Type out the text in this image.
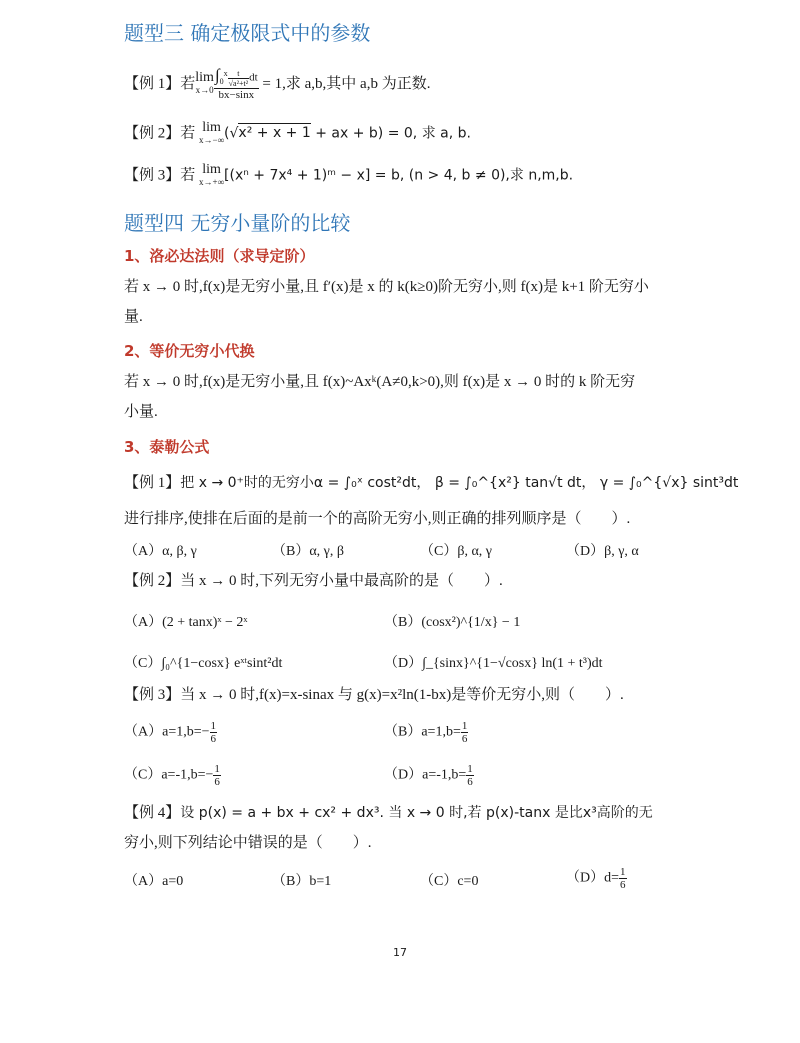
题型三 确定极限式中的参数
【例 1】若 lim
$x\to 0 \frac{\int_0^x \frac{t}{\text{√a²+t²}} dt}{bx-\sin x} = 1$,求 a,b,其中 a,b 为正数.
【例 2】若 lim
x→−∞ (√x² + x + 1 + ax + b) = 0, 求 a, b.
【例 3】若 lim
x→+∞ [(xⁿ + 7x⁴ + 1)ᵐ − x] = b, (n > 4, b ≠ 0),求 n,m,b.
题型四 无穷小量阶的比较
1、洛必达法则（求导定阶）
若 x → 0 时,f(x)是无穷小量,且 f′(x)是 x 的 k(k≥0)阶无穷小,则 f(x)是 k+1 阶无穷小
量.
2、等价无穷小代换
若 x → 0 时,f(x)是无穷小量,且 f(x)~Axᵏ(A≠0,k>0),则 f(x)是 x → 0 时的 k 阶无穷
小量.
3、泰勒公式
【例 1】把 x → 0⁺时的无穷小α = ∫₀ˣ cost²dt， β = ∫₀^{x²} tan√t dt， γ = ∫₀^{√x} sint³dt
进行排序,使排在后面的是前一个的高阶无穷小,则正确的排列顺序是（　　）.
（A）α, β, γ	（B）α, γ, β	（C）β, α, γ	（D）β, γ, α
【例 2】当 x → 0 时,下列无穷小量中最高阶的是（　　）.
（A）(2 + tanx)ˣ − 2ˣ	（B）(cosx²)^{1/x} − 1
（C）∫₀^{1−cosx} eˣᵗsint²dt	（D）∫_{sinx}^{1−√cosx} ln(1 + t³)dt
【例 3】当 x → 0 时,f(x)=x-sinax 与 g(x)=x²ln(1-bx)是等价无穷小,则（　　）.
$(A)a=1,b=- \frac{1}{6}$	$(B)a=1,b= \frac{1}{6}$
$(C)a=-1,b=- \frac{1}{6}$	$(D)a=-1,b= \frac{1}{6}$
【例 4】设 p(x) = a + bx + cx² + dx³. 当 x → 0 时,若 p(x)-tanx 是比x³高阶的无
穷小,则下列结论中错误的是（　　）.
（A）a=0	（B）b=1	（C）c=0	$(D)d= \frac{1}{6}$
17
